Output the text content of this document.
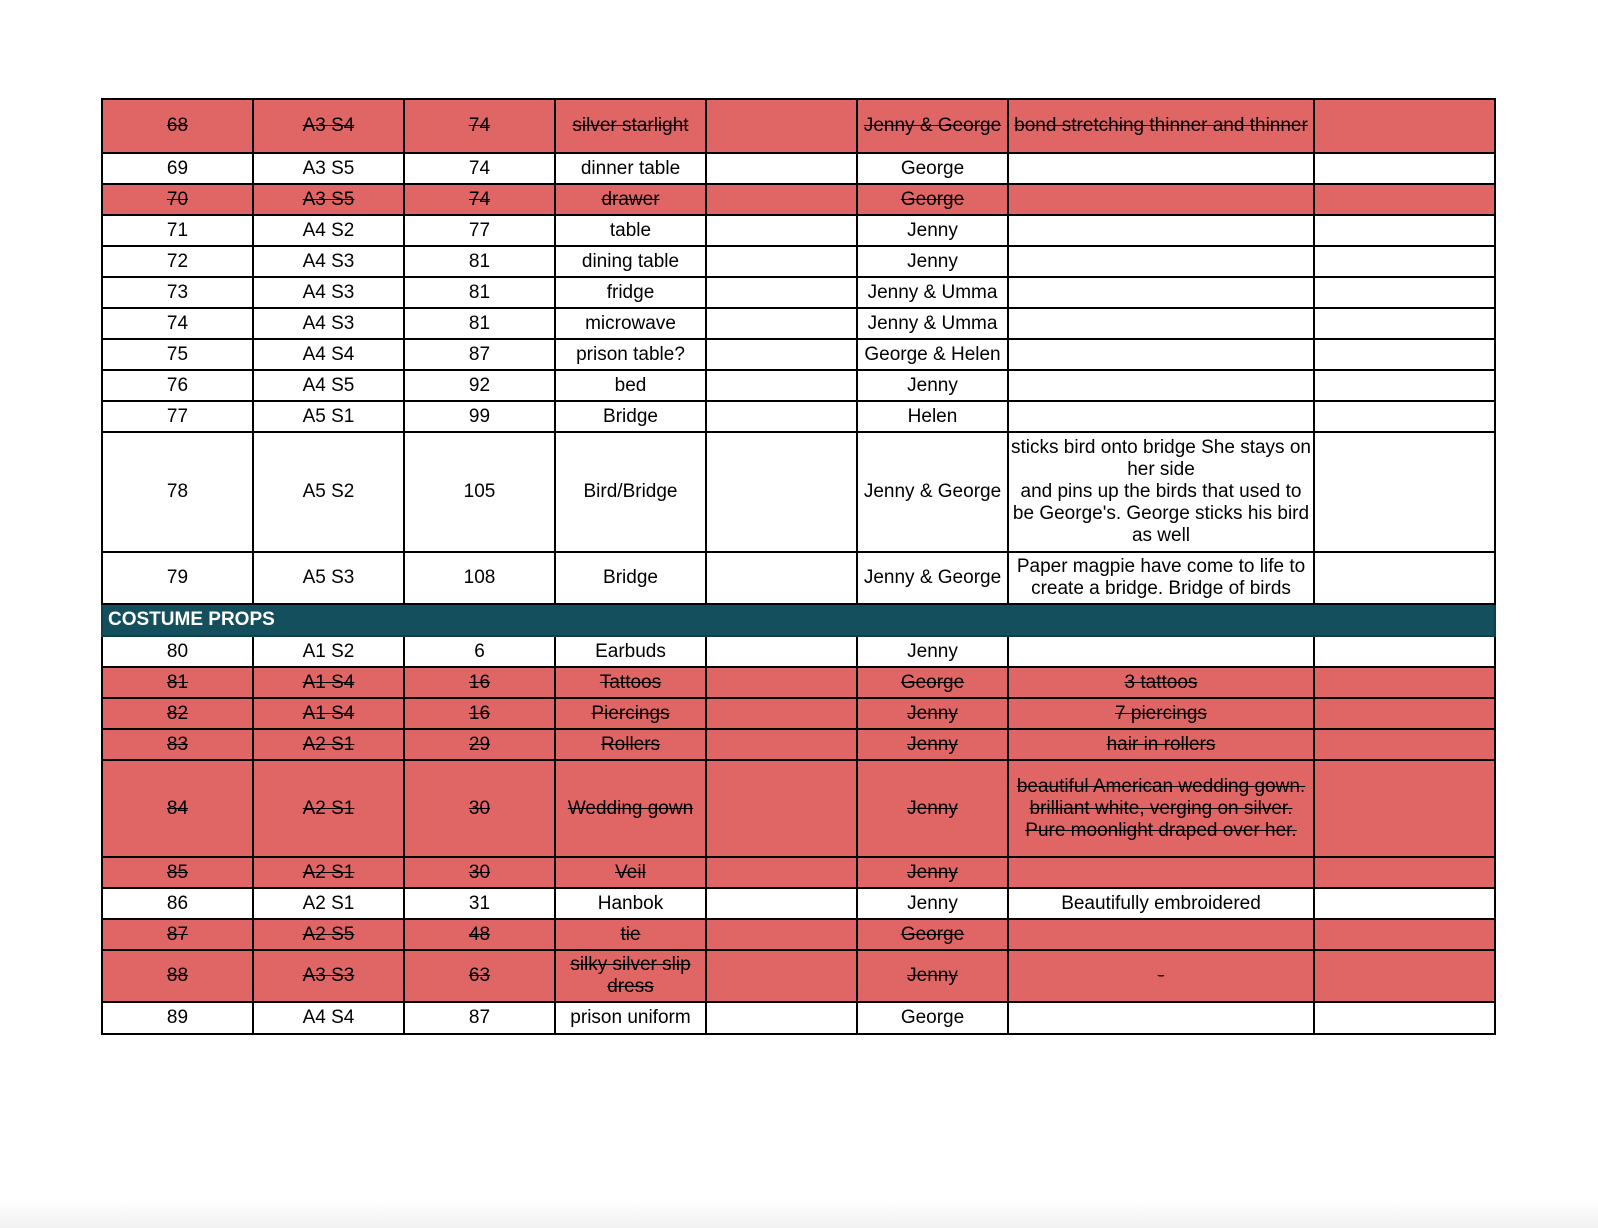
68	A3 S4	74	silver starlight		Jenny & George	bond stretching thinner and thinner	

69	A3 S5	74	dinner table		George	

70	A3 S5	74	drawer		George	

71	A4 S2	77	table		Jenny	

72	A4 S3	81	dining table		Jenny	

73	A4 S3	81	fridge		Jenny & Umma	

74	A4 S3	81	microwave		Jenny & Umma	

75	A4 S4	87	prison table?		George & Helen	

76	A4 S5	92	bed		Jenny	

77	A5 S1	99	Bridge		Helen	

78	A5 S2	105	Bird/Bridge		Jenny & George	sticks bird onto bridge She stays on her side
and pins up the birds that used to be George's. George sticks his bird as well	

79	A5 S3	108	Bridge		Jenny & George	Paper magpie have come to life to create a bridge. Bridge of birds	

COSTUME PROPS							
80	A1 S2	6	Earbuds		Jenny	

81	A1 S4	16	Tattoos		George	3 tattoos	

82	A1 S4	16	Piercings		Jenny	7 piercings	

83	A2 S1	29	Rollers		Jenny	hair in rollers	

84	A2 S1	30	Wedding gown		Jenny	beautiful American wedding gown. brilliant white, verging on silver. Pure moonlight draped over her.	

85	A2 S1	30	Veil		Jenny	

86	A2 S1	31	Hanbok		Jenny	Beautifully embroidered	

87	A2 S5	48	tie		George	

88	A3 S3	63	silky silver slip dress		Jenny	-	

89	A4 S4	87	prison uniform		George	
